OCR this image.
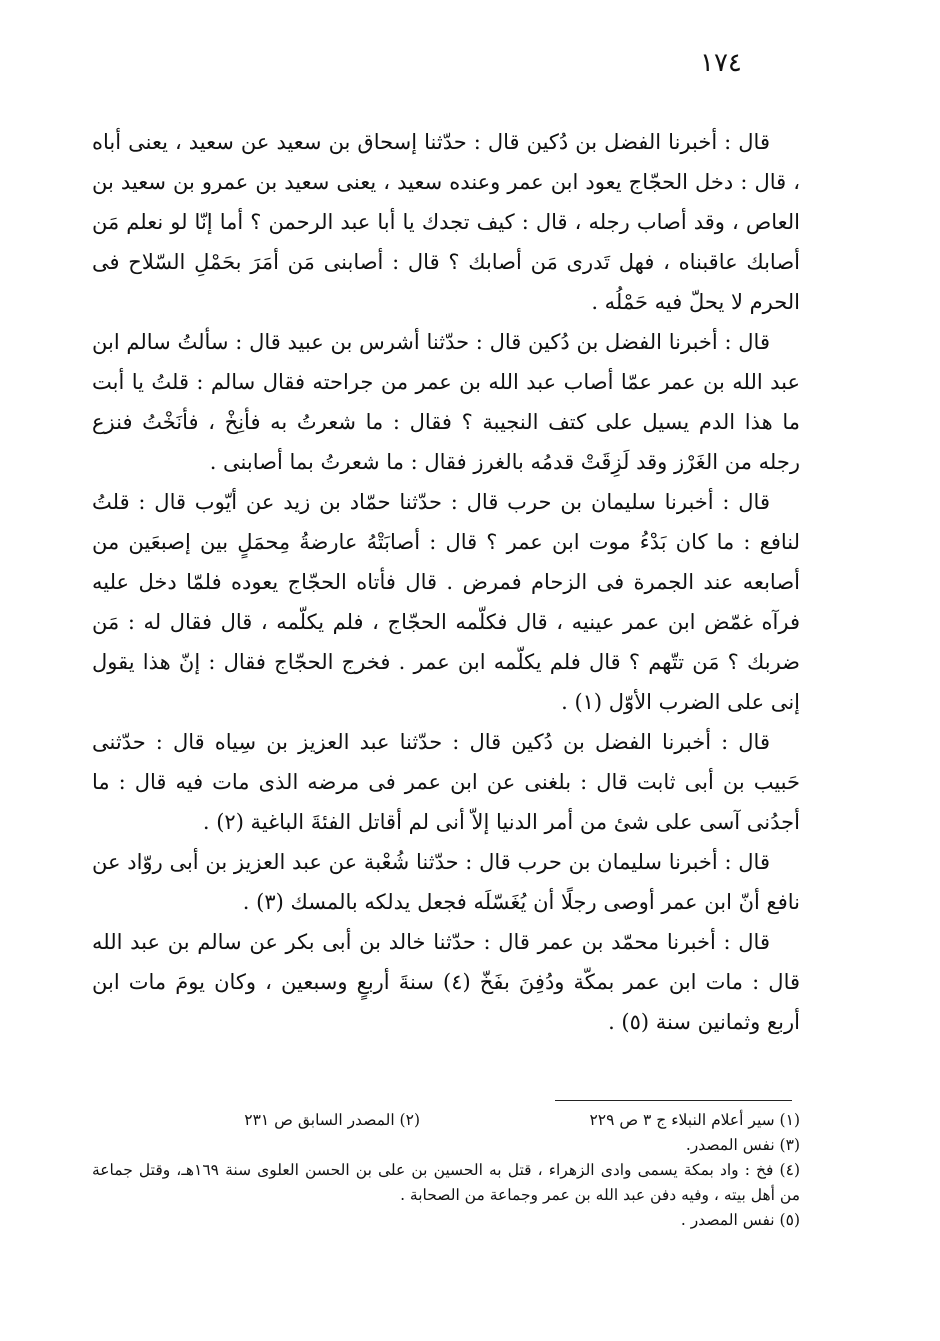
١٧٤

قال : أخبرنا الفضل بن دُكين قال : حدّثنا إسحاق بن سعيد عن سعيد ، يعنى أباه ، قال : دخل الحجّاج يعود ابن عمر وعنده سعيد ، يعنى سعيد بن عمرو بن سعيد بن العاص ، وقد أصاب رجله ، قال : كيف تجدك يا أبا عبد الرحمن ؟ أما إنّا لو نعلم مَن أصابك عاقبناه ، فهل تَدرى مَن أصابك ؟ قال : أصابنى مَن أمَرَ بحَمْلِ السّلاح فى الحرم لا يحلّ فيه حَمْلُه .

قال : أخبرنا الفضل بن دُكين قال : حدّثنا أشرس بن عبيد قال : سألتُ سالم ابن عبد الله بن عمر عمّا أصاب عبد الله بن عمر من جراحته فقال سالم : قلتُ يا أبت ما هذا الدم يسيل على كتف النجيبة ؟ فقال : ما شعرتُ به فأنِخْ ، فأنَخْتُ فنزع رجله من الغَرْز وقد لَزِقَتْ قدمُه بالغرز فقال : ما شعرتُ بما أصابنى .

قال : أخبرنا سليمان بن حرب قال : حدّثنا حمّاد بن زيد عن أيّوب قال : قلتُ لنافع : ما كان بَدْءُ موت ابن عمر ؟ قال : أصابَتْهُ عارضةُ مِحمَلٍ بين إصبعَين من أصابعه عند الجمرة فى الزحام فمرض . قال فأتاه الحجّاج يعوده فلمّا دخل عليه فرآه غمّض ابن عمر عينيه ، قال فكلّمه الحجّاج ، فلم يكلّمه ، قال فقال له : مَن ضربك ؟ مَن تتّهم ؟ قال فلم يكلّمه ابن عمر . فخرج الحجّاج فقال : إنّ هذا يقول إنى على الضرب الأوّل (١) .

قال : أخبرنا الفضل بن دُكين قال : حدّثنا عبد العزيز بن سِياه قال : حدّثنى حَبيب بن أبى ثابت قال : بلغنى عن ابن عمر فى مرضه الذى مات فيه قال : ما أجدُنى آسى على شئ من أمر الدنيا إلاّ أنى لم أقاتل الفئةَ الباغية (٢) .

قال : أخبرنا سليمان بن حرب قال : حدّثنا شُعْبة عن عبد العزيز بن أبى روّاد عن نافع أنّ ابن عمر أوصى رجلًا أن يُغَسّلَه فجعل يدلكه بالمسك (٣) .

قال : أخبرنا محمّد بن عمر قال : حدّثنا خالد بن أبى بكر عن سالم بن عبد الله قال : مات ابن عمر بمكّة ودُفِنَ بفَخّ (٤) سنةَ أربعٍ وسبعين ، وكان يومَ مات ابن أربع وثمانين سنة (٥) .

(١) سير أعلام النبلاء ج ٣ ص ٢٢٩
(٢) المصدر السابق ص ٢٣١
(٣) نفس المصدر.
(٤) فخ : واد بمكة يسمى وادى الزهراء ، قتل به الحسين بن على بن الحسن العلوى سنة ١٦٩هـ، وقتل جماعة من أهل بيته ، وفيه دفن عبد الله بن عمر وجماعة من الصحابة .
(٥) نفس المصدر .
